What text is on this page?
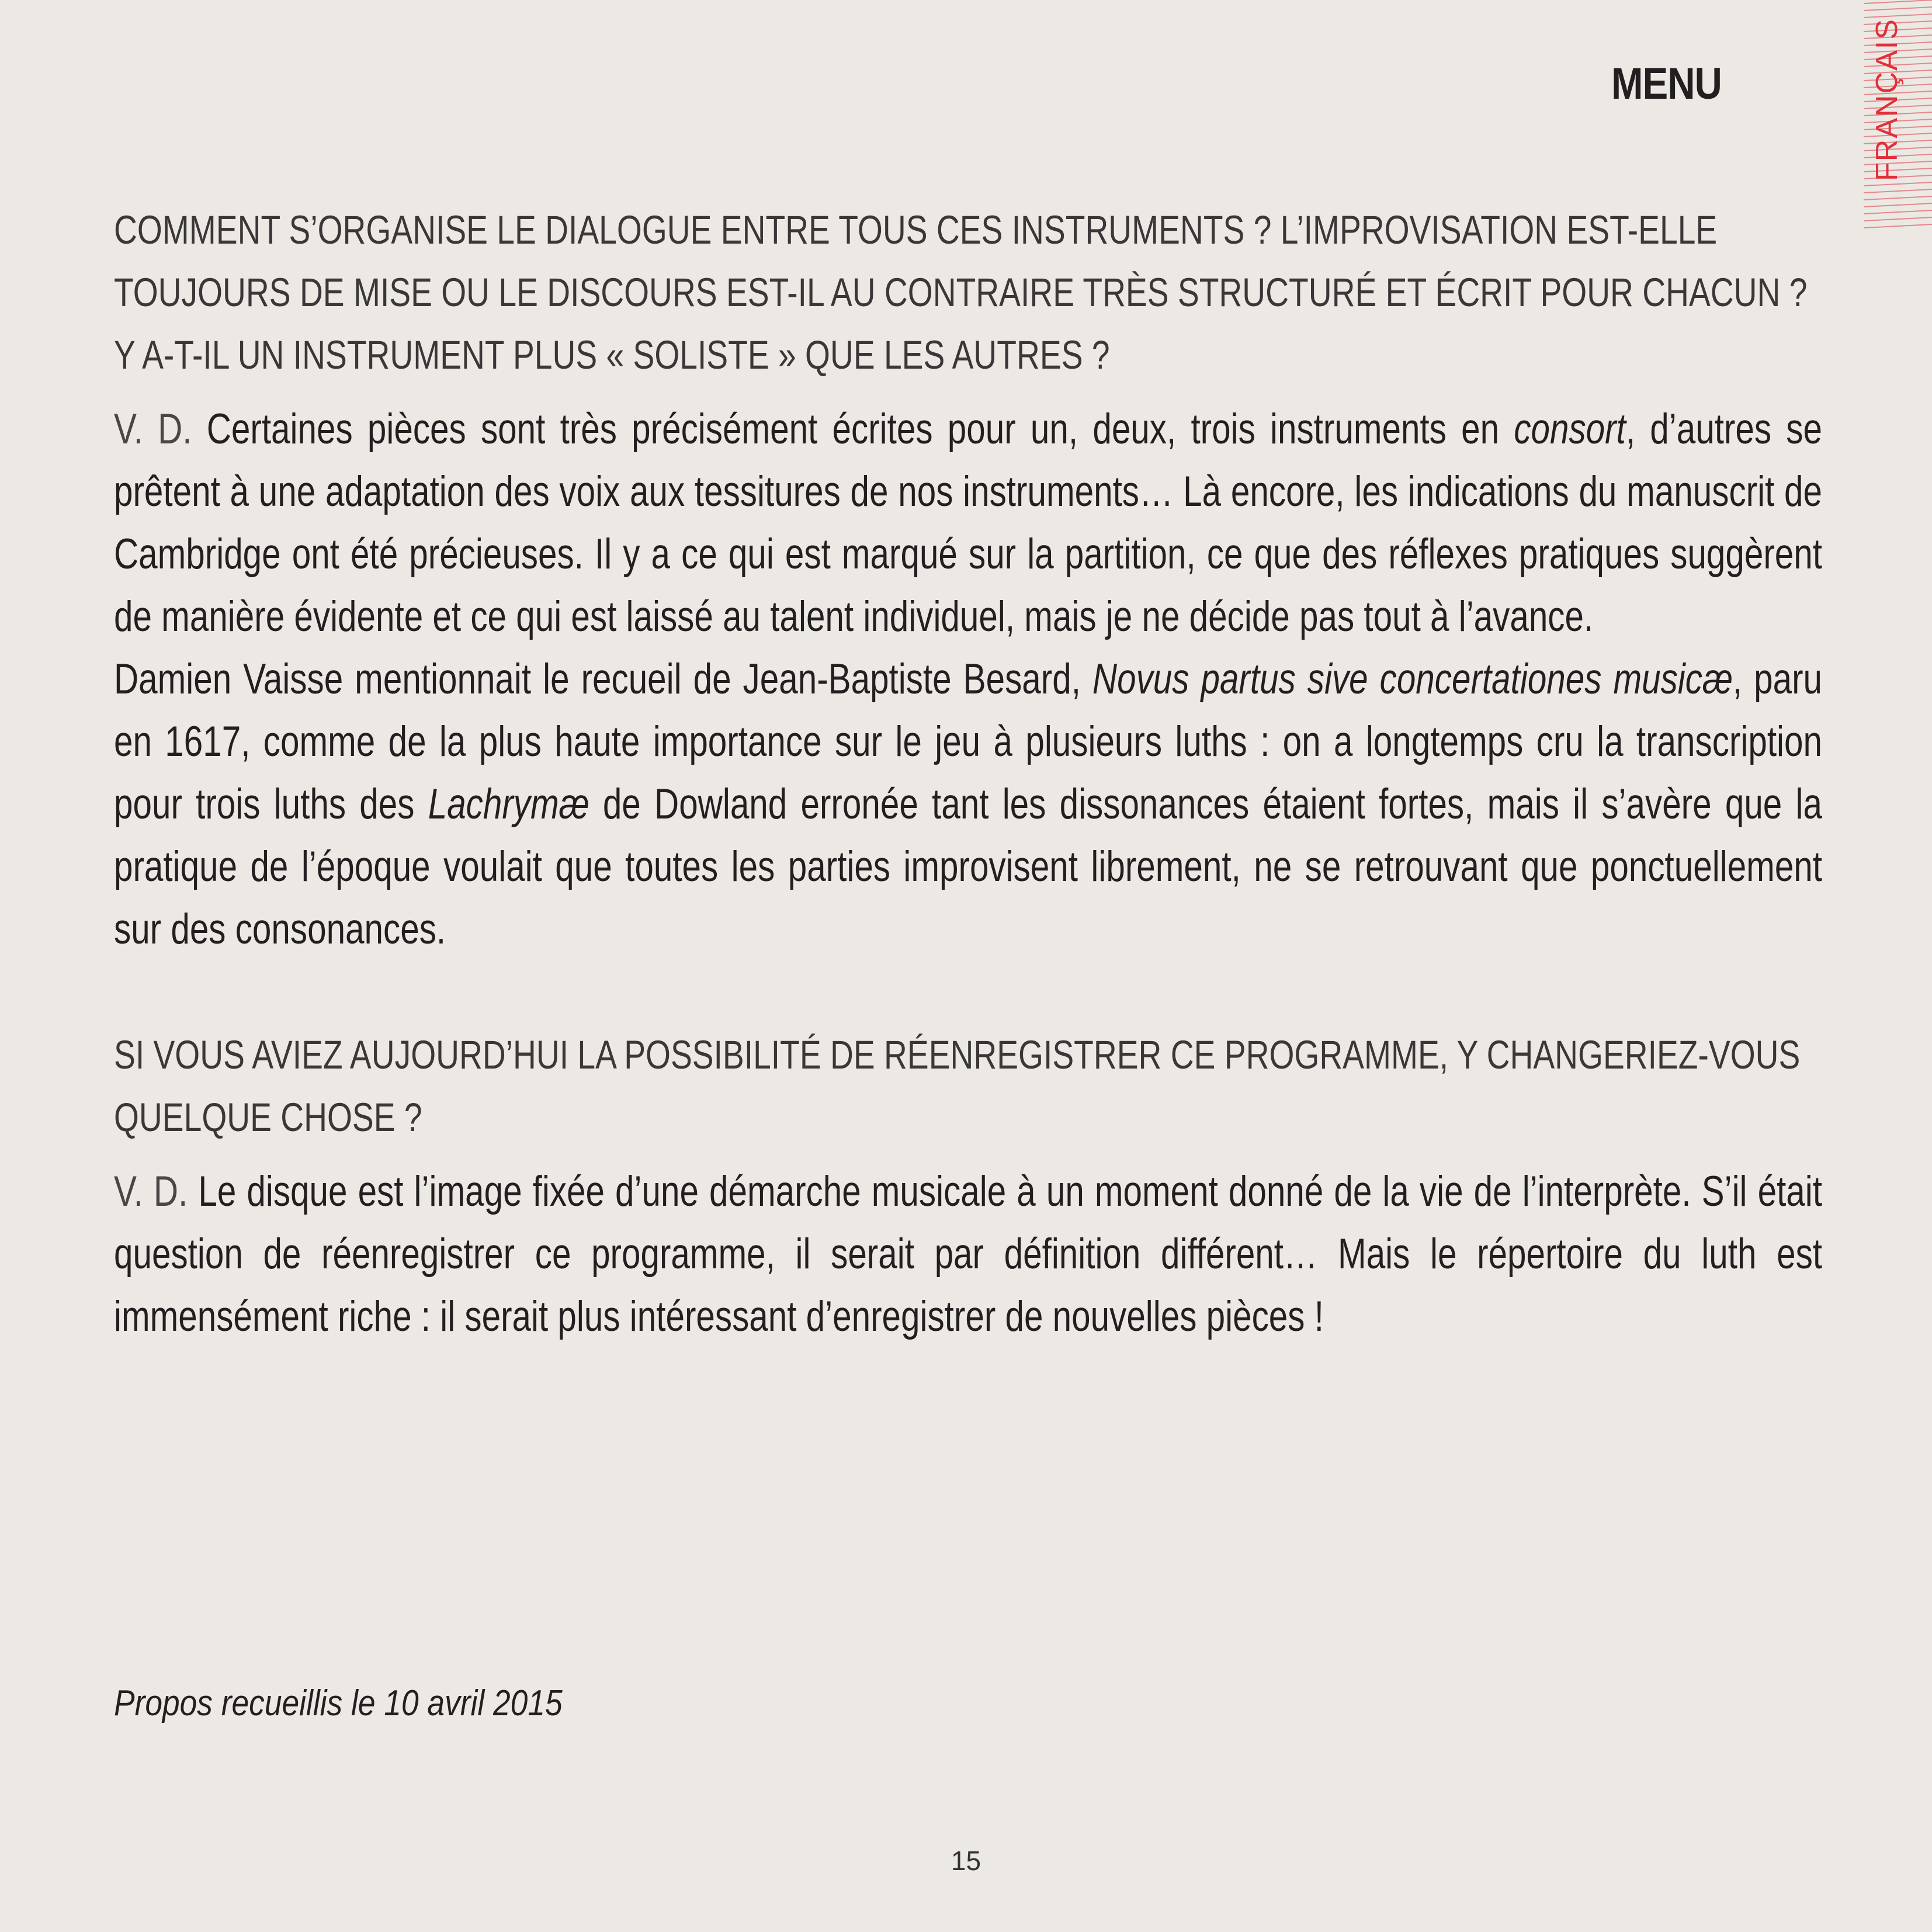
MENU	FRANÇAIS

COMMENT S’ORGANISE LE DIALOGUE ENTRE TOUS CES INSTRUMENTS ? L’IMPROVISATION EST-ELLE TOUJOURS DE MISE OU LE DISCOURS EST-IL AU CONTRAIRE TRÈS STRUCTURÉ ET ÉCRIT POUR CHACUN ? Y A-T-IL UN INSTRUMENT PLUS « SOLISTE » QUE LES AUTRES ?

V. D. Certaines pièces sont très précisément écrites pour un, deux, trois instruments en consort, d’autres se prêtent à une adaptation des voix aux tessitures de nos instruments… Là encore, les indications du manuscrit de Cambridge ont été précieuses. Il y a ce qui est marqué sur la partition, ce que des réflexes pratiques suggèrent de manière évidente et ce qui est laissé au talent individuel, mais je ne décide pas tout à l’avance.

Damien Vaisse mentionnait le recueil de Jean-Baptiste Besard, Novus partus sive concertationes musicæ, paru en 1617, comme de la plus haute importance sur le jeu à plusieurs luths : on a longtemps cru la transcription pour trois luths des Lachrymæ de Dowland erronée tant les dissonances étaient fortes, mais il s’avère que la pratique de l’époque voulait que toutes les parties improvisent librement, ne se retrouvant que ponctuellement sur des consonances.

SI VOUS AVIEZ AUJOURD’HUI LA POSSIBILITÉ DE RÉENREGISTRER CE PROGRAMME, Y CHANGERIEZ-VOUS QUELQUE CHOSE ?

V. D. Le disque est l’image fixée d’une démarche musicale à un moment donné de la vie de l’interprète. S’il était question de réenregistrer ce programme, il serait par définition différent… Mais le répertoire du luth est immensément riche : il serait plus intéressant d’enregistrer de nouvelles pièces !

Propos recueillis le 10 avril 2015
15
